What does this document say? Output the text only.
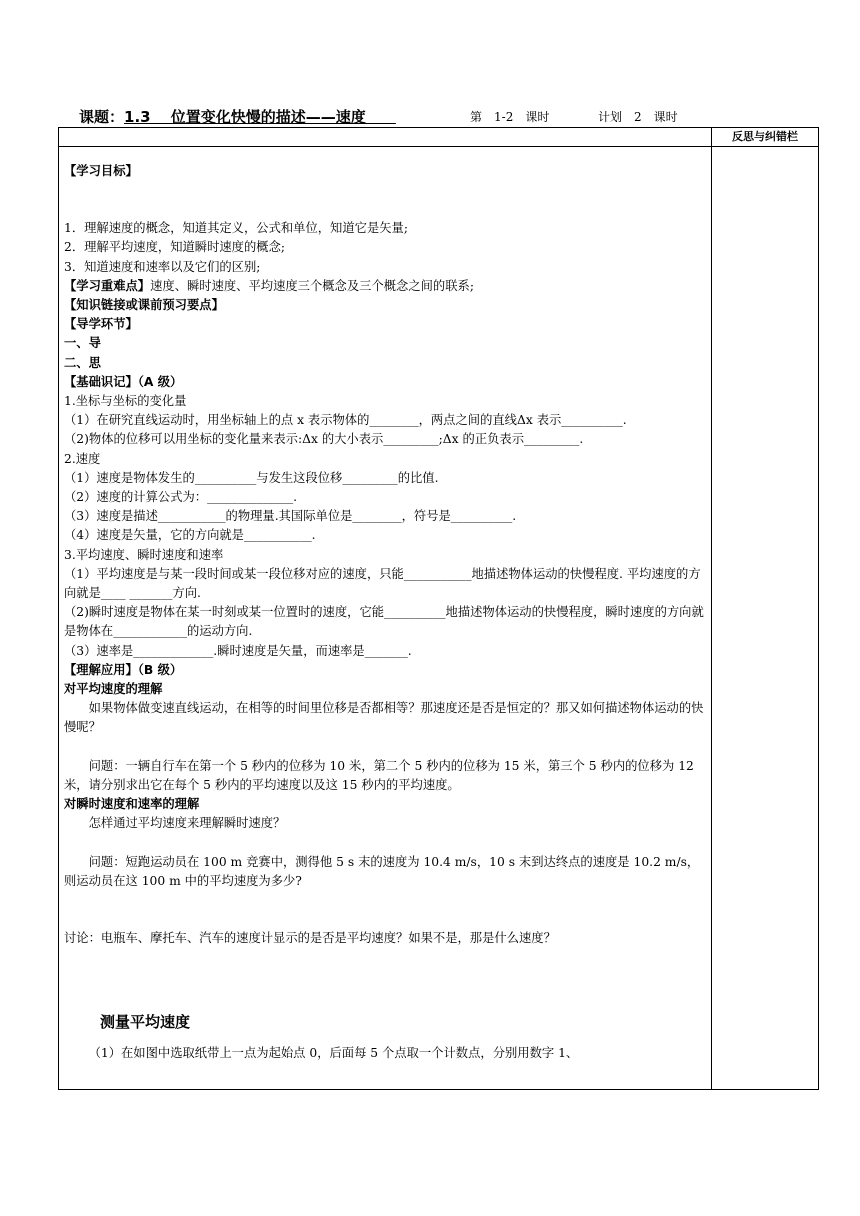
课题：1.3　 位置变化快慢的描述——速度　　	第　1-2　课时	计划　2　课时

【学习目标】

1．理解速度的概念，知道其定义，公式和单位，知道它是矢量;

2．理解平均速度，知道瞬时速度的概念;

3．知道速度和速率以及它们的区别;

【学习重难点】速度、瞬时速度、平均速度三个概念及三个概念之间的联系;

【知识链接或课前预习要点】

【导学环节】

一、导

二、思

【基础识记】（A 级）

1.坐标与坐标的变化量

（1）在研究直线运动时，用坐标轴上的点 x 表示物体的________，两点之间的直线Δx 表示__________.

（2)物体的位移可以用坐标的变化量来表示:Δx 的大小表示_________;Δx 的正负表示_________.

2.速度

（1）速度是物体发生的__________与发生这段位移_________的比值.

（2）速度的计算公式为：______________.

（3）速度是描述___________的物理量.其国际单位是________，符号是__________.

（4）速度是矢量，它的方向就是___________.

3.平均速度、瞬时速度和速率

（1）平均速度是与某一段时间或某一段位移对应的速度，只能___________地描述物体运动的快慢程度. 平均速度的方向就是____ _______方向.

（2)瞬时速度是物体在某一时刻或某一位置时的速度，它能__________地描述物体运动的快慢程度，瞬时速度的方向就是物体在____________的运动方向.

（3）速率是_____________.瞬时速度是矢量，而速率是_______.

【理解应用】（B 级）

对平均速度的理解

如果物体做变速直线运动，在相等的时间里位移是否都相等？那速度还是否是恒定的？那又如何描述物体运动的快慢呢？

问题：一辆自行车在第一个 5 秒内的位移为 10 米，第二个 5 秒内的位移为 15 米，第三个 5 秒内的位移为 12 米，请分别求出它在每个 5 秒内的平均速度以及这 15 秒内的平均速度。

对瞬时速度和速率的理解

怎样通过平均速度来理解瞬时速度？

问题：短跑运动员在 100 m 竞赛中，测得他 5 s 末的速度为 10.4 m/s，10 s 末到达终点的速度是 10.2 m/s，则运动员在这 100 m 中的平均速度为多少?

讨论：电瓶车、摩托车、汽车的速度计显示的是否是平均速度？如果不是，那是什么速度？

测量平均速度

（1）在如图中选取纸带上一点为起始点 0，后面每 5 个点取一个计数点，分别用数字 1、

反思与纠错栏
